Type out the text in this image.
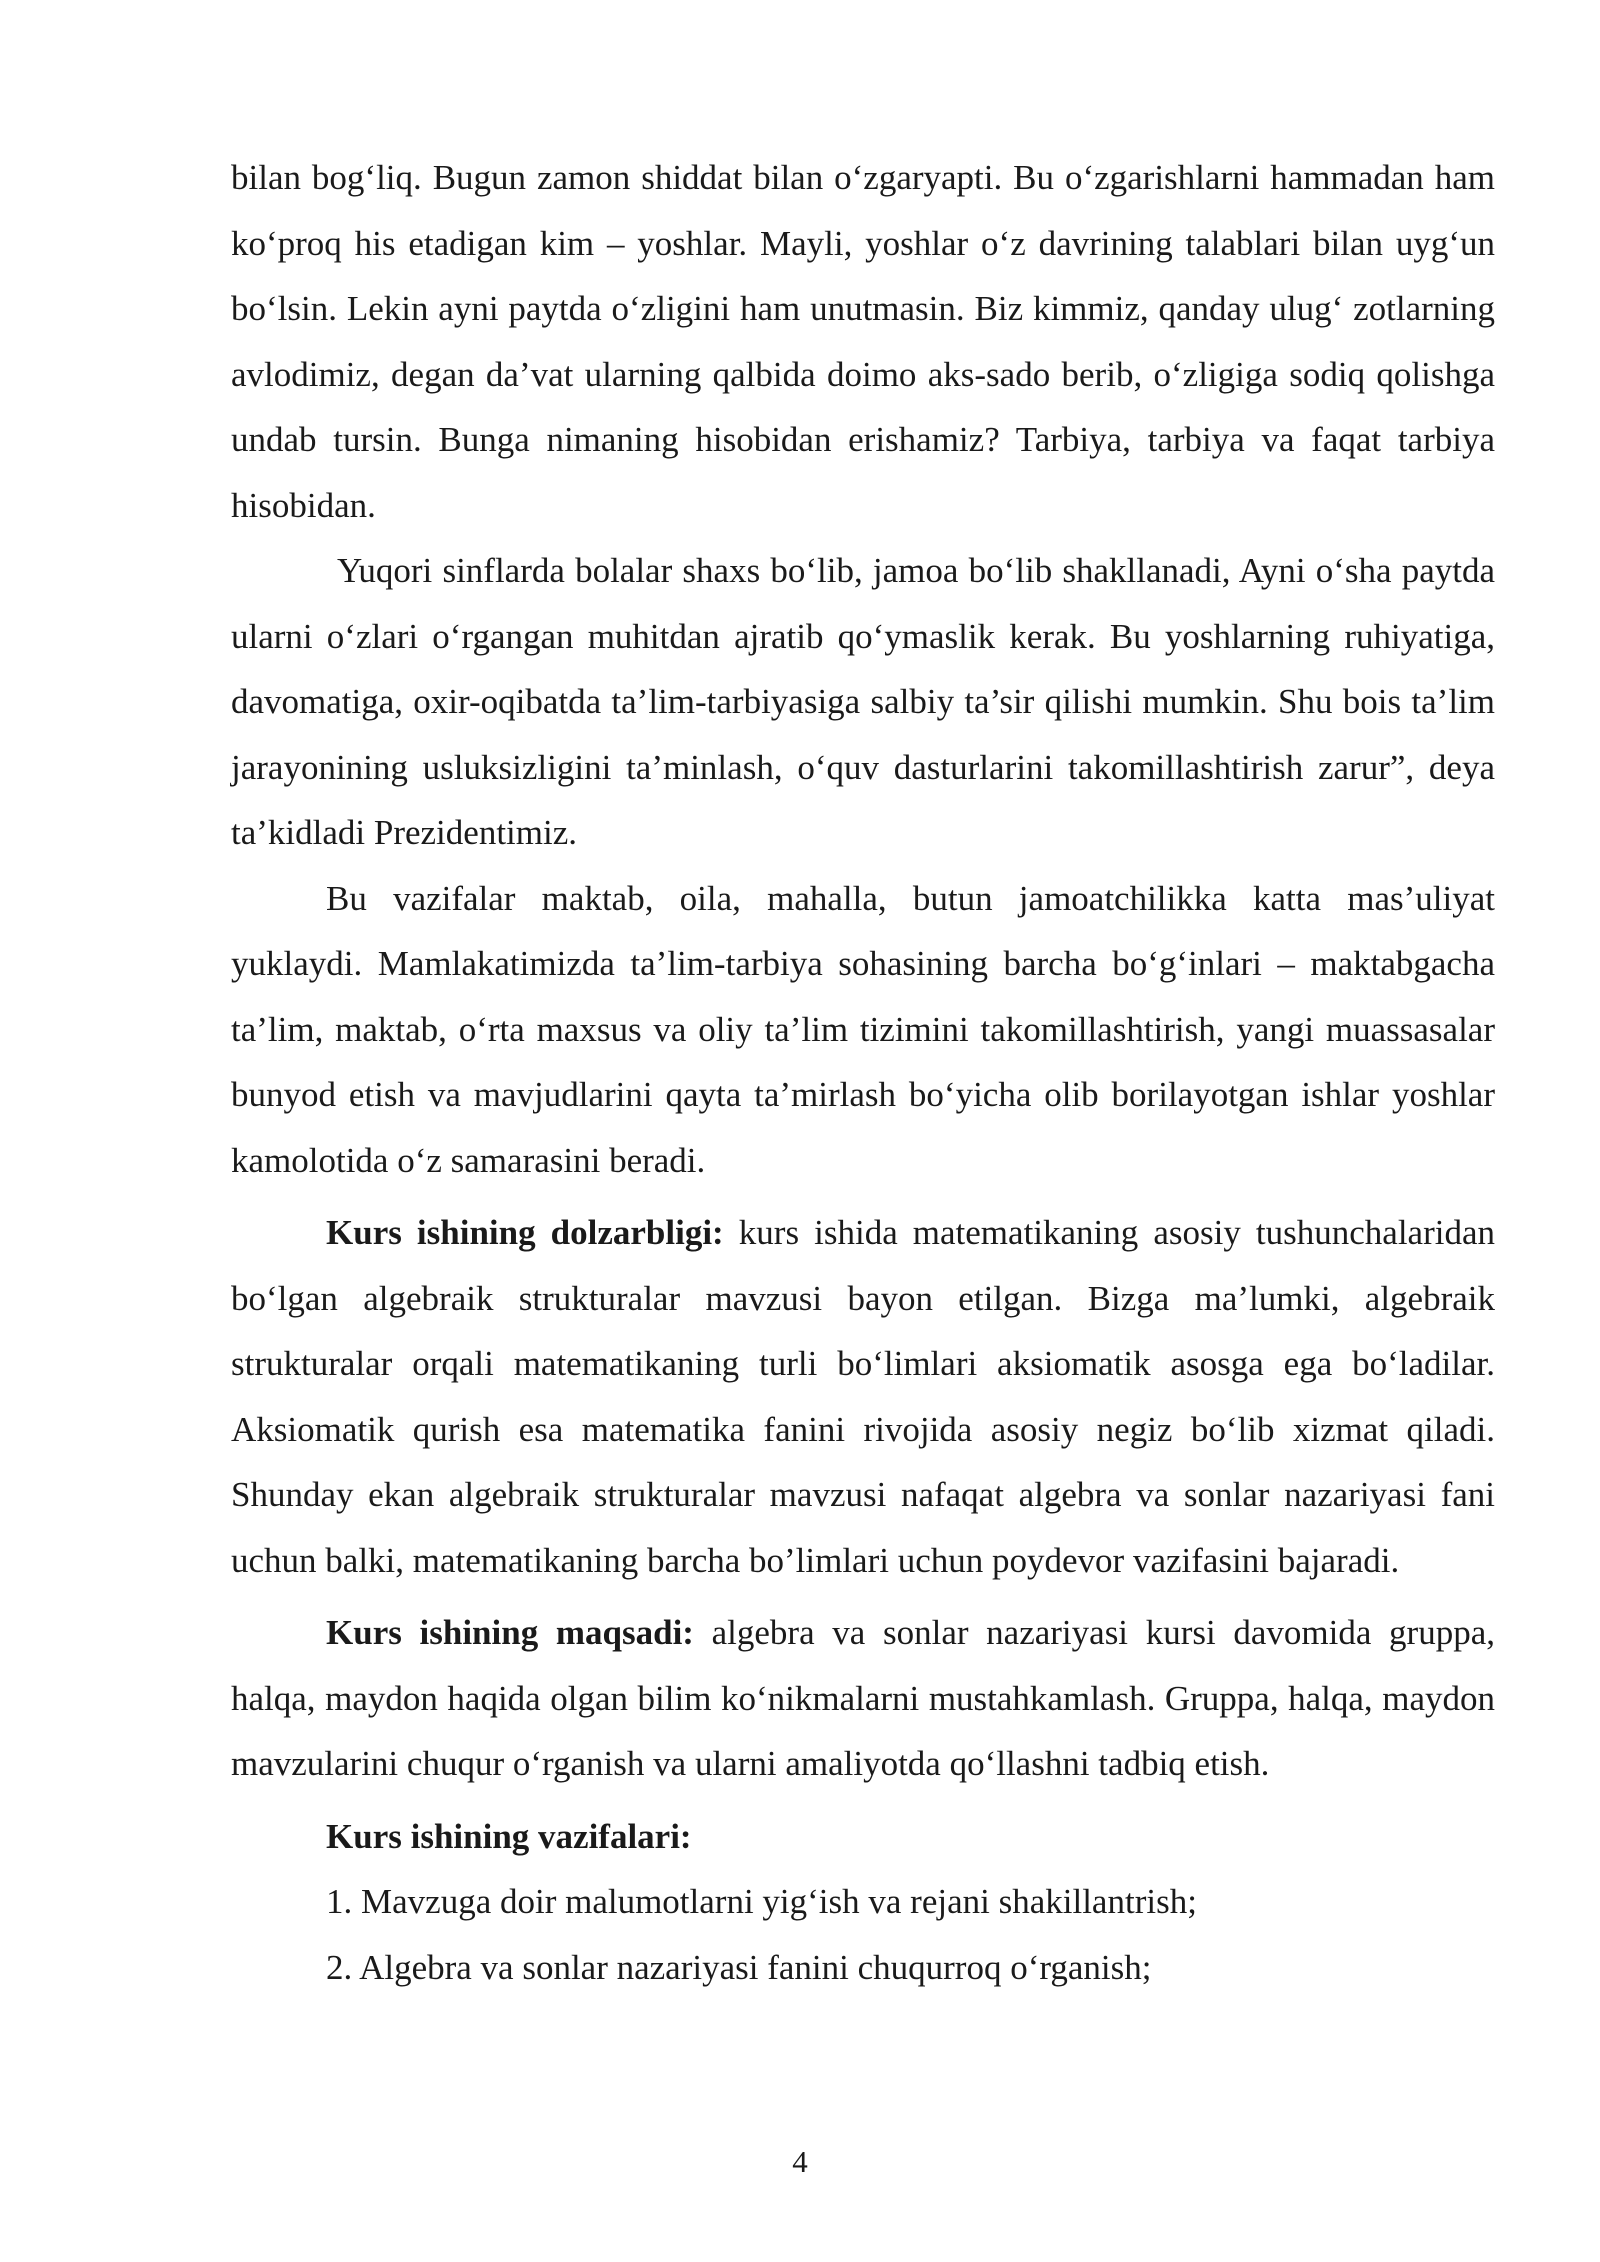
bilan bog‘liq. Bugun zamon shiddat bilan o‘zgaryapti. Bu o‘zgarishlarni hammadan ham ko‘proq his etadigan kim – yoshlar. Mayli, yoshlar o‘z davrining talablari bilan uyg‘un bo‘lsin. Lekin ayni paytda o‘zligini ham unutmasin. Biz kimmiz, qanday ulug‘ zotlarning avlodimiz, degan da’vat ularning qalbida doimo aks-sado berib, o‘zligiga sodiq qolishga undab tursin. Bunga nimaning hisobidan erishamiz? Tarbiya, tarbiya va faqat tarbiya hisobidan.

Yuqori sinflarda bolalar shaxs bo‘lib, jamoa bo‘lib shakllanadi, Ayni o‘sha paytda ularni o‘zlari o‘rgangan muhitdan ajratib qo‘ymaslik kerak. Bu yoshlarning ruhiyatiga, davomatiga, oxir-oqibatda ta’lim-tarbiyasiga salbiy ta’sir qilishi mumkin. Shu bois ta’lim jarayonining usluksizligini ta’minlash, o‘quv dasturlarini takomillashtirish zarur”, deya ta’kidladi Prezidentimiz.

Bu vazifalar maktab, oila, mahalla, butun jamoatchilikka katta mas’uliyat yuklaydi. Mamlakatimizda ta’lim-tarbiya sohasining barcha bo‘g‘inlari – maktabgacha ta’lim, maktab, o‘rta maxsus va oliy ta’lim tizimini takomillashtirish, yangi muassasalar bunyod etish va mavjudlarini qayta ta’mirlash bo‘yicha olib borilayotgan ishlar yoshlar kamolotida o‘z samarasini beradi.

Kurs ishining dolzarbligi: kurs ishida matematikaning asosiy tushunchalaridan bo‘lgan algebraik strukturalar mavzusi bayon etilgan. Bizga ma’lumki, algebraik strukturalar orqali matematikaning turli bo‘limlari aksiomatik asosga ega bo‘ladilar. Aksiomatik qurish esa matematika fanini rivojida asosiy negiz bo‘lib xizmat qiladi. Shunday ekan algebraik strukturalar mavzusi nafaqat algebra va sonlar nazariyasi fani uchun balki, matematikaning barcha bo’limlari uchun poydevor vazifasini bajaradi.

Kurs ishining maqsadi: algebra va sonlar nazariyasi kursi davomida gruppa, halqa, maydon haqida olgan bilim ko‘nikmalarni mustahkamlash. Gruppa, halqa, maydon mavzularini chuqur o‘rganish va ularni amaliyotda qo‘llashni tadbiq etish.

Kurs ishining vazifalari:

1. Mavzuga doir malumotlarni yig‘ish va rejani shakillantrish;

2. Algebra va sonlar nazariyasi fanini chuqurroq o‘rganish;

4
